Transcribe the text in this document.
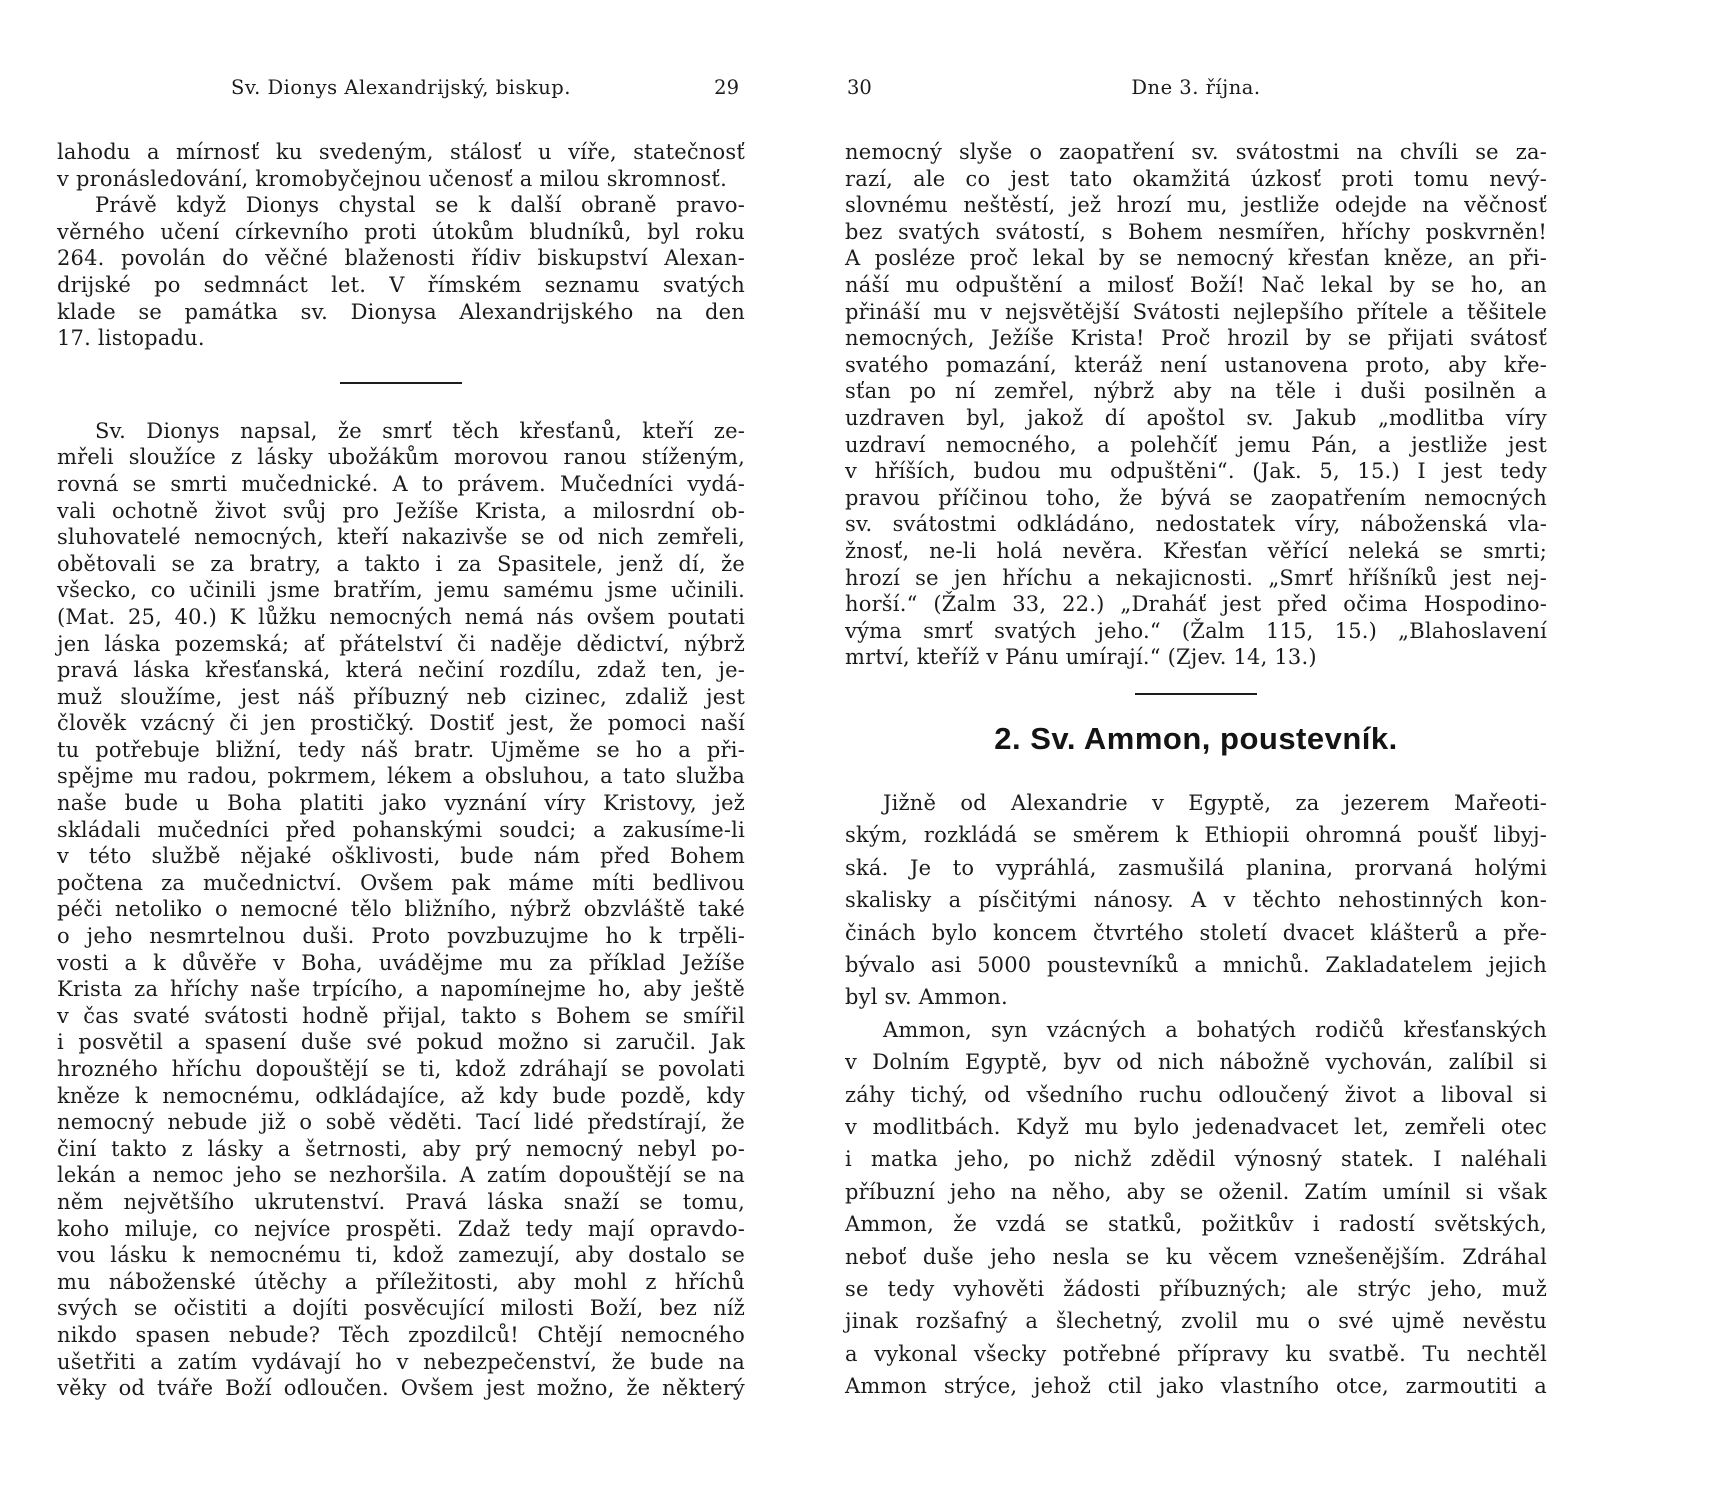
Sv. Dionys Alexandrijský, biskup.	29
lahodu a mírnosť ku svedeným, stálosť u víře, statečnosť
v pronásledování, kromobyčejnou učenosť a milou skromnosť.
Právě když Dionys chystal se k další obraně pravo-
věrného učení církevního proti útokům bludníků, byl roku
264. povolán do věčné blaženosti řídiv biskupství Alexan-
drijské po sedmnáct let. V římském seznamu svatých
klade se památka sv. Dionysa Alexandrijského na den
17. listopadu.
Sv. Dionys napsal, že smrť těch křesťanů, kteří ze-
mřeli sloužíce z lásky ubožákům morovou ranou stíženým,
rovná se smrti mučednické. A to právem. Mučedníci vydá-
vali ochotně život svůj pro Ježíše Krista, a milosrdní ob-
sluhovatelé nemocných, kteří nakazivše se od nich zemřeli,
obětovali se za bratry, a takto i za Spasitele, jenž dí, že
všecko, co učinili jsme bratřím, jemu samému jsme učinili.
(Mat. 25, 40.) K lůžku nemocných nemá nás ovšem poutati
jen láska pozemská; ať přátelství či naděje dědictví, nýbrž
pravá láska křesťanská, která nečiní rozdílu, zdaž ten, je-
muž sloužíme, jest náš příbuzný neb cizinec, zdaliž jest
člověk vzácný či jen prostičký. Dostiť jest, že pomoci naší
tu potřebuje bližní, tedy náš bratr. Ujměme se ho a při-
spějme mu radou, pokrmem, lékem a obsluhou, a tato služba
naše bude u Boha platiti jako vyznání víry Kristovy, jež
skládali mučedníci před pohanskými soudci; a zakusíme-li
v této službě nějaké ošklivosti, bude nám před Bohem
počtena za mučednictví. Ovšem pak máme míti bedlivou
péči netoliko o nemocné tělo bližního, nýbrž obzvláště také
o jeho nesmrtelnou duši. Proto povzbuzujme ho k trpěli-
vosti a k důvěře v Boha, uvádějme mu za příklad Ježíše
Krista za hříchy naše trpícího, a napomínejme ho, aby ještě
v čas svaté svátosti hodně přijal, takto s Bohem se smířil
i posvětil a spasení duše své pokud možno si zaručil. Jak
hrozného hříchu dopouštějí se ti, kdož zdráhají se povolati
kněze k nemocnému, odkládajíce, až kdy bude pozdě, kdy
nemocný nebude již o sobě věděti. Tací lidé předstírají, že
činí takto z lásky a šetrnosti, aby prý nemocný nebyl po-
lekán a nemoc jeho se nezhoršila. A zatím dopouštějí se na
něm největšího ukrutenství. Pravá láska snaží se tomu,
koho miluje, co nejvíce prospěti. Zdaž tedy mají opravdo-
vou lásku k nemocnému ti, kdož zamezují, aby dostalo se
mu náboženské útěchy a příležitosti, aby mohl z hříchů
svých se očistiti a dojíti posvěcující milosti Boží, bez níž
nikdo spasen nebude? Těch zpozdilců! Chtějí nemocného
ušetřiti a zatím vydávají ho v nebezpečenství, že bude na
věky od tváře Boží odloučen. Ovšem jest možno, že některý
30	Dne 3. října.
nemocný slyše o zaopatření sv. svátostmi na chvíli se za-
razí, ale co jest tato okamžitá úzkosť proti tomu nevý-
slovnému neštěstí, jež hrozí mu, jestliže odejde na věčnosť
bez svatých svátostí, s Bohem nesmířen, hříchy poskvrněn!
A posléze proč lekal by se nemocný křesťan kněze, an při-
náší mu odpuštění a milosť Boží! Nač lekal by se ho, an
přináší mu v nejsvětější Svátosti nejlepšího přítele a těšitele
nemocných, Ježíše Krista! Proč hrozil by se přijati svátosť
svatého pomazání, kteráž není ustanovena proto, aby kře-
sťan po ní zemřel, nýbrž aby na těle i duši posilněn a
uzdraven byl, jakož dí apoštol sv. Jakub „modlitba víry
uzdraví nemocného, a polehčíť jemu Pán, a jestliže jest
v hříších, budou mu odpuštěni“. (Jak. 5, 15.) I jest tedy
pravou příčinou toho, že bývá se zaopatřením nemocných
sv. svátostmi odkládáno, nedostatek víry, náboženská vla-
žnosť, ne-li holá nevěra. Křesťan věřící neleká se smrti;
hrozí se jen hříchu a nekajicnosti. „Smrť hříšníků jest nej-
horší.“ (Žalm 33, 22.) „Draháť jest před očima Hospodino-
výma smrť svatých jeho.“ (Žalm 115, 15.) „Blahoslavení
mrtví, kteříž v Pánu umírají.“ (Zjev. 14, 13.)
2. Sv. Ammon, poustevník.
Jižně od Alexandrie v Egyptě, za jezerem Mařeoti-
ským, rozkládá se směrem k Ethiopii ohromná poušť libyj-
ská. Je to vypráhlá, zasmušilá planina, prorvaná holými
skalisky a písčitými nánosy. A v těchto nehostinných kon-
činách bylo koncem čtvrtého století dvacet klášterů a pře-
bývalo asi 5000 poustevníků a mnichů. Zakladatelem jejich
byl sv. Ammon.
Ammon, syn vzácných a bohatých rodičů křesťanských
v Dolním Egyptě, byv od nich nábožně vychován, zalíbil si
záhy tichý, od všedního ruchu odloučený život a liboval si
v modlitbách. Když mu bylo jedenadvacet let, zemřeli otec
i matka jeho, po nichž zdědil výnosný statek. I naléhali
příbuzní jeho na něho, aby se oženil. Zatím umínil si však
Ammon, že vzdá se statků, požitkův i radostí světských,
neboť duše jeho nesla se ku věcem vznešenějším. Zdráhal
se tedy vyhověti žádosti příbuzných; ale strýc jeho, muž
jinak rozšafný a šlechetný, zvolil mu o své ujmě nevěstu
a vykonal všecky potřebné přípravy ku svatbě. Tu nechtěl
Ammon strýce, jehož ctil jako vlastního otce, zarmoutiti a
